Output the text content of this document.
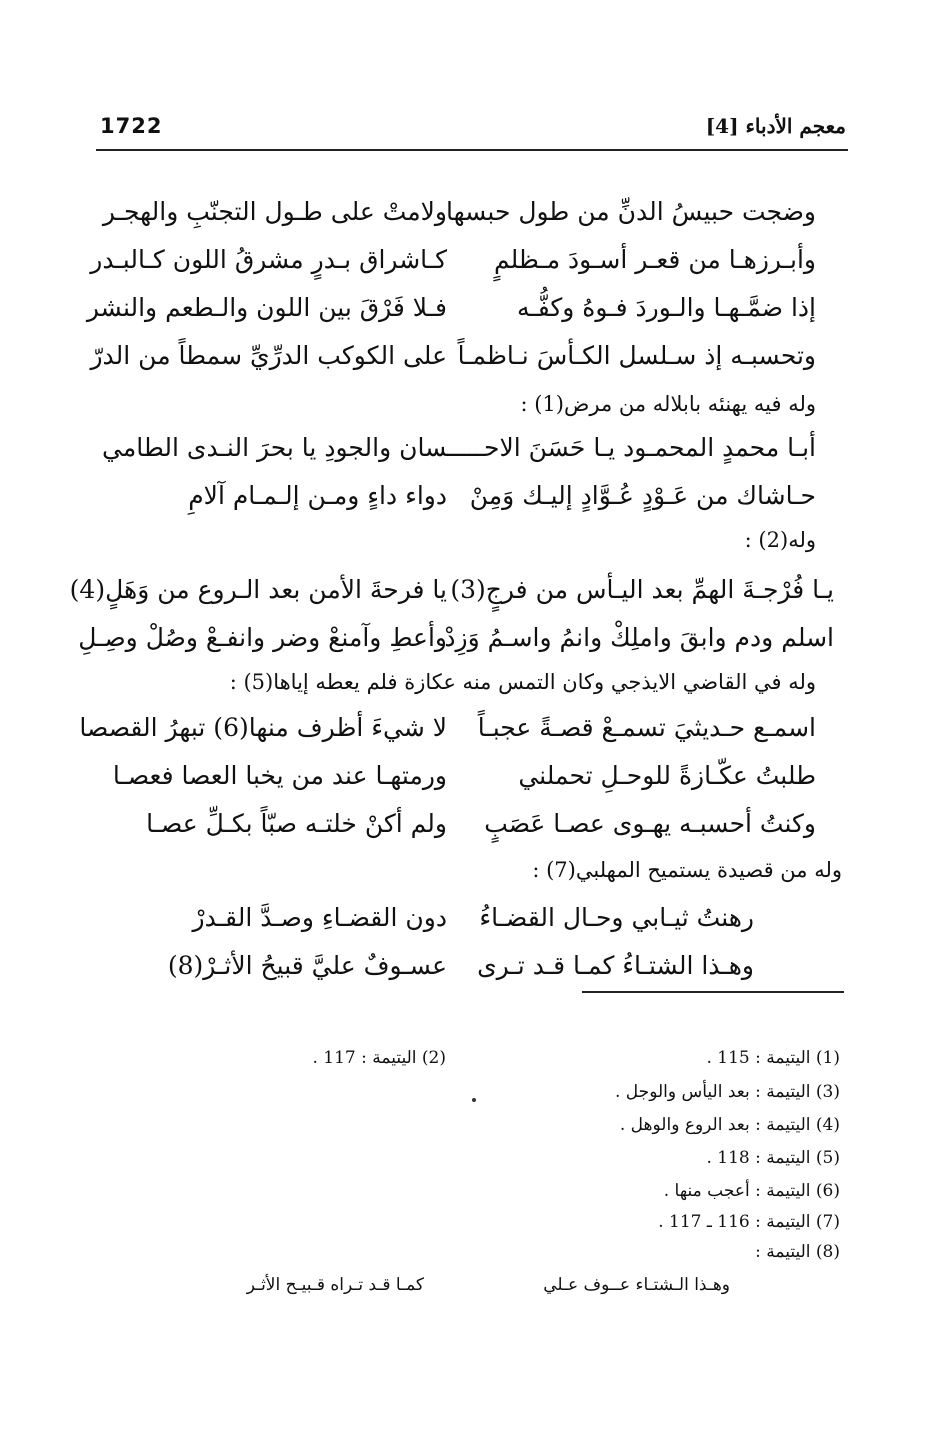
1722	معجم الأدباء [4]
وضجت حبيسُ الدنِّ من طول حبسها
ولامتْ على طـول التجنّبِ والهجـر
وأبـرزهـا من قعـر أسـودَ مـظلمٍ
كـاشراق بـدرٍ مشرقُ اللون كـالبـدر
إذا ضمَّـهـا والـوردَ فـوهُ وكفُّـه
فـلا فَرْقَ بين اللون والـطعم والنشر
وتحسبـه إذ سـلسل الكـأسَ نـاظمـاً
على الكوكب الدرِّيِّ سمطاً من الدرّ
وله فيه يهنئه بابلاله من مرض(1) :
أبـا محمدٍ المحمـود يـا حَسَنَ الاحـــــسان والجودِ يا بحرَ النـدى الطامي
حـاشاك من عَـوْدٍ عُـوَّادٍ إليـك وَمِنْ
دواء داءٍ ومـن إلـمـام آلامِ
وله(2) :
يـا فُرْجـةَ الهمِّ بعد اليـأس من فرجٍ(3)
يا فرحةَ الأمن بعد الـروع من وَهَلٍ(4)
اسلم ودم وابقَ واملِكْ وانمُ واسـمُ وَزِدْ
وأعطِ وآمنعْ وضر وانفـعْ وصُلْ وصِـلِ
وله في القاضي الايذجي وكان التمس منه عكازة فلم يعطه إياها(5) :
اسمـع حـديثيَ تسمـعْ قصـةً عجبـاً
لا شيءَ أظرف منها(6) تبهرُ القصصا
طلبتُ عكّـازةً للوحـلِ تحملني
ورمتهـا عند من يخبا العصا فعصـا
وكنتُ أحسبـه يهـوى عصـا عَصَبٍ
ولم أكنْ خلتـه صبّاً بكـلِّ عصـا
وله من قصيدة يستميح المهلبي(7) :
رهنتُ ثيـابي وحـال القضـاءُ
دون القضـاءِ وصـدَّ القـدرْ
وهـذا الشتـاءُ كمـا قـد تـرى
عسـوفٌ عليَّ قبيحُ الأثـرْ(8)
(1) اليتيمة : 115 .
(2) اليتيمة : 117 .
(3) اليتيمة : بعد اليأس والوجل .
(4) اليتيمة : بعد الروع والوهل .
(5) اليتيمة : 118 .
(6) اليتيمة : أعجب منها .
(7) اليتيمة : 116 ـ 117 .
(8) اليتيمة :
وهـذا الـشتـاء عــوف عـلي
كمـا قـد تـراه قـبيـح الأثـر
